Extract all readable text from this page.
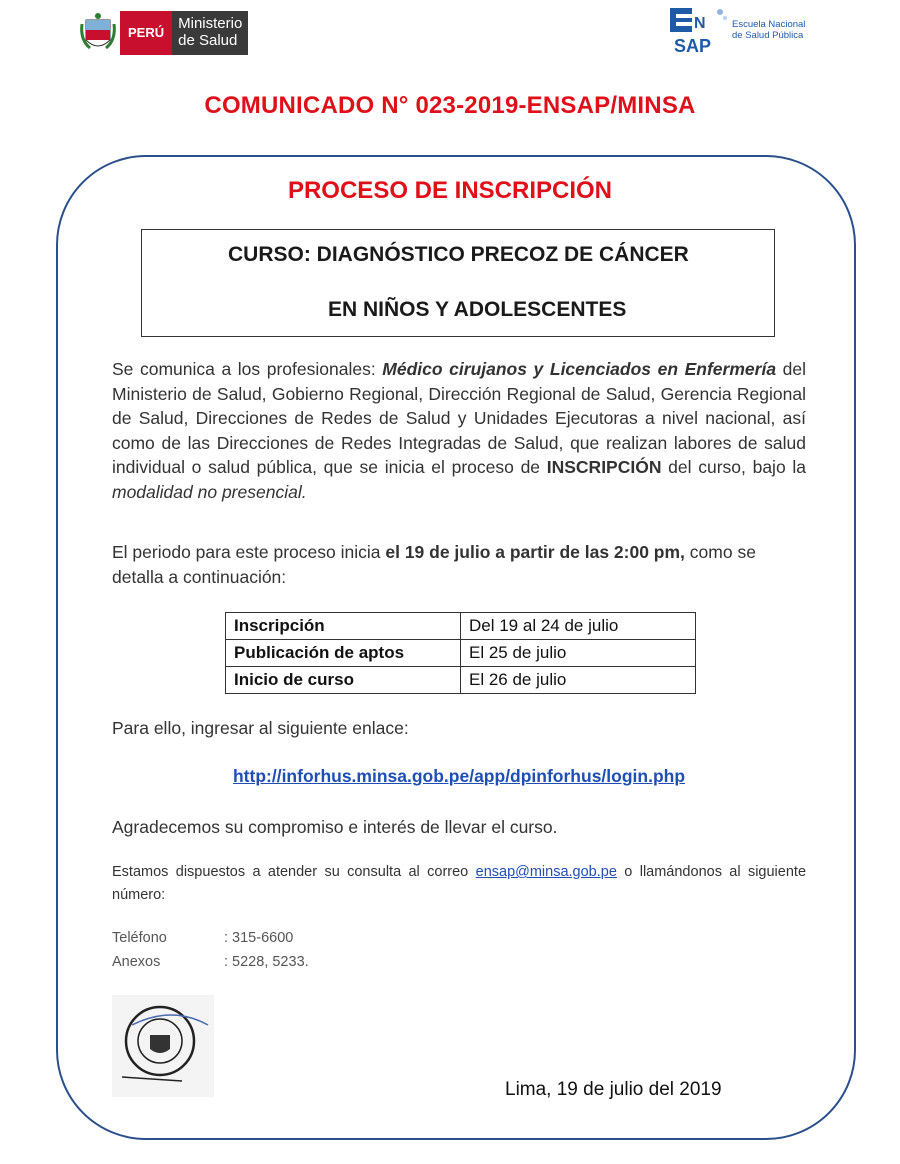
PERÚ
Ministerio
de Salud
N
SAP
Escuela Nacional
de Salud Pública
COMUNICADO N° 023-2019-ENSAP/MINSA
PROCESO DE INSCRIPCIÓN
CURSO: DIAGNÓSTICO PRECOZ DE CÁNCER
EN NIÑOS Y ADOLESCENTES
Se comunica a los profesionales: Médico cirujanos y Licenciados en Enfermería del Ministerio de Salud, Gobierno Regional, Dirección Regional de Salud, Gerencia Regional de Salud, Direcciones de Redes de Salud y Unidades Ejecutoras a nivel nacional, así como de las Direcciones de Redes Integradas de Salud, que realizan labores de salud individual o salud pública, que se inicia el proceso de INSCRIPCIÓN del curso, bajo la modalidad no presencial.
El periodo para este proceso inicia el 19 de julio a partir de las 2:00 pm, como se detalla a continuación:
Inscripción	Del 19 al 24 de julio
Publicación de aptos	El 25 de julio
Inicio de curso	El 26 de julio
Para ello, ingresar al siguiente enlace:
http://inforhus.minsa.gob.pe/app/dpinforhus/login.php
Agradecemos su compromiso e interés de llevar el curso.
Estamos dispuestos a atender su consulta al correo ensap@minsa.gob.pe o llamándonos al siguiente número:
Teléfono	: 315-6600
Anexos	: 5228, 5233.
Lima, 19 de julio del 2019
